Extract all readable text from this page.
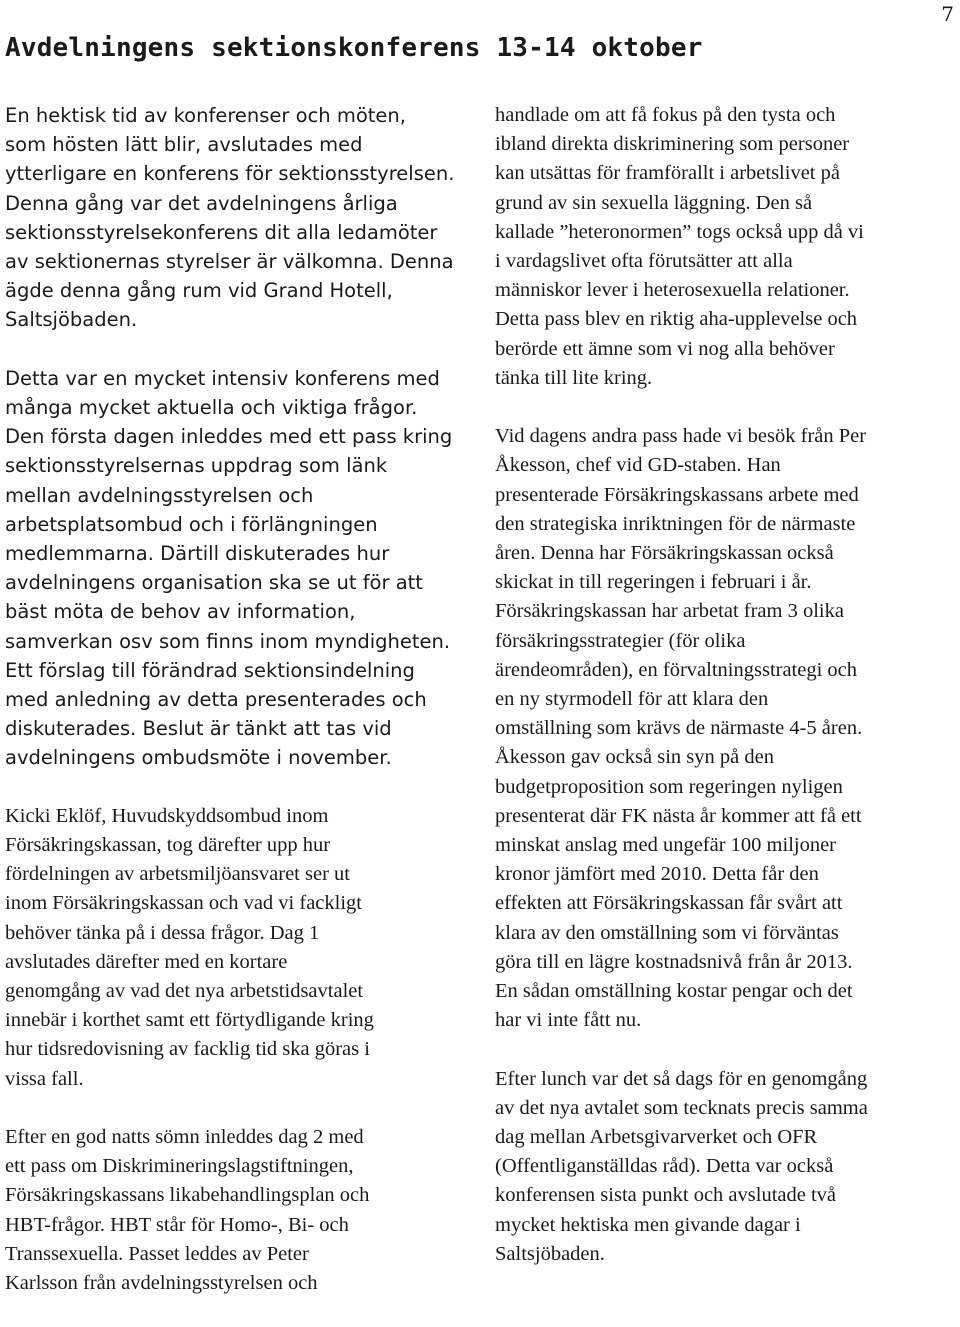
7
Avdelningens sektionskonferens 13-14 oktober

En hektisk tid av konferenser och möten,
som hösten lätt blir, avslutades med
ytterligare en konferens för sektionsstyrelsen.
Denna gång var det avdelningens årliga
sektionsstyrelsekonferens dit alla ledamöter
av sektionernas styrelser är välkomna. Denna
ägde denna gång rum vid Grand Hotell,
Saltsjöbaden.

Detta var en mycket intensiv konferens med
många mycket aktuella och viktiga frågor.
Den första dagen inleddes med ett pass kring
sektionsstyrelsernas uppdrag som länk
mellan avdelningsstyrelsen och
arbetsplatsombud och i förlängningen
medlemmarna. Därtill diskuterades hur
avdelningens organisation ska se ut för att
bäst möta de behov av information,
samverkan osv som finns inom myndigheten.
Ett förslag till förändrad sektionsindelning
med anledning av detta presenterades och
diskuterades. Beslut är tänkt att tas vid
avdelningens ombudsmöte i november.

Kicki Eklöf, Huvudskyddsombud inom
Försäkringskassan, tog därefter upp hur
fördelningen av arbetsmiljöansvaret ser ut
inom Försäkringskassan och vad vi fackligt
behöver tänka på i dessa frågor. Dag 1
avslutades därefter med en kortare
genomgång av vad det nya arbetstidsavtalet
innebär i korthet samt ett förtydligande kring
hur tidsredovisning av facklig tid ska göras i
vissa fall.

Efter en god natts sömn inleddes dag 2 med
ett pass om Diskrimineringslagstiftningen,
Försäkringskassans likabehandlingsplan och
HBT-frågor. HBT står för Homo-, Bi- och
Transsexuella. Passet leddes av Peter
Karlsson från avdelningsstyrelsen och

handlade om att få fokus på den tysta och
ibland direkta diskriminering som personer
kan utsättas för framförallt i arbetslivet på
grund av sin sexuella läggning. Den så
kallade ”heteronormen” togs också upp då vi
i vardagslivet ofta förutsätter att alla
människor lever i heterosexuella relationer.
Detta pass blev en riktig aha-upplevelse och
berörde ett ämne som vi nog alla behöver
tänka till lite kring.

Vid dagens andra pass hade vi besök från Per
Åkesson, chef vid GD-staben. Han
presenterade Försäkringskassans arbete med
den strategiska inriktningen för de närmaste
åren. Denna har Försäkringskassan också
skickat in till regeringen i februari i år.
Försäkringskassan har arbetat fram 3 olika
försäkringsstrategier (för olika
ärendeområden), en förvaltningsstrategi och
en ny styrmodell för att klara den
omställning som krävs de närmaste 4-5 åren.
Åkesson gav också sin syn på den
budgetproposition som regeringen nyligen
presenterat där FK nästa år kommer att få ett
minskat anslag med ungefär 100 miljoner
kronor jämfört med 2010. Detta får den
effekten att Försäkringskassan får svårt att
klara av den omställning som vi förväntas
göra till en lägre kostnadsnivå från år 2013.
En sådan omställning kostar pengar och det
har vi inte fått nu.

Efter lunch var det så dags för en genomgång
av det nya avtalet som tecknats precis samma
dag mellan Arbetsgivarverket och OFR
(Offentliganställdas råd). Detta var också
konferensen sista punkt och avslutade två
mycket hektiska men givande dagar i
Saltsjöbaden.
